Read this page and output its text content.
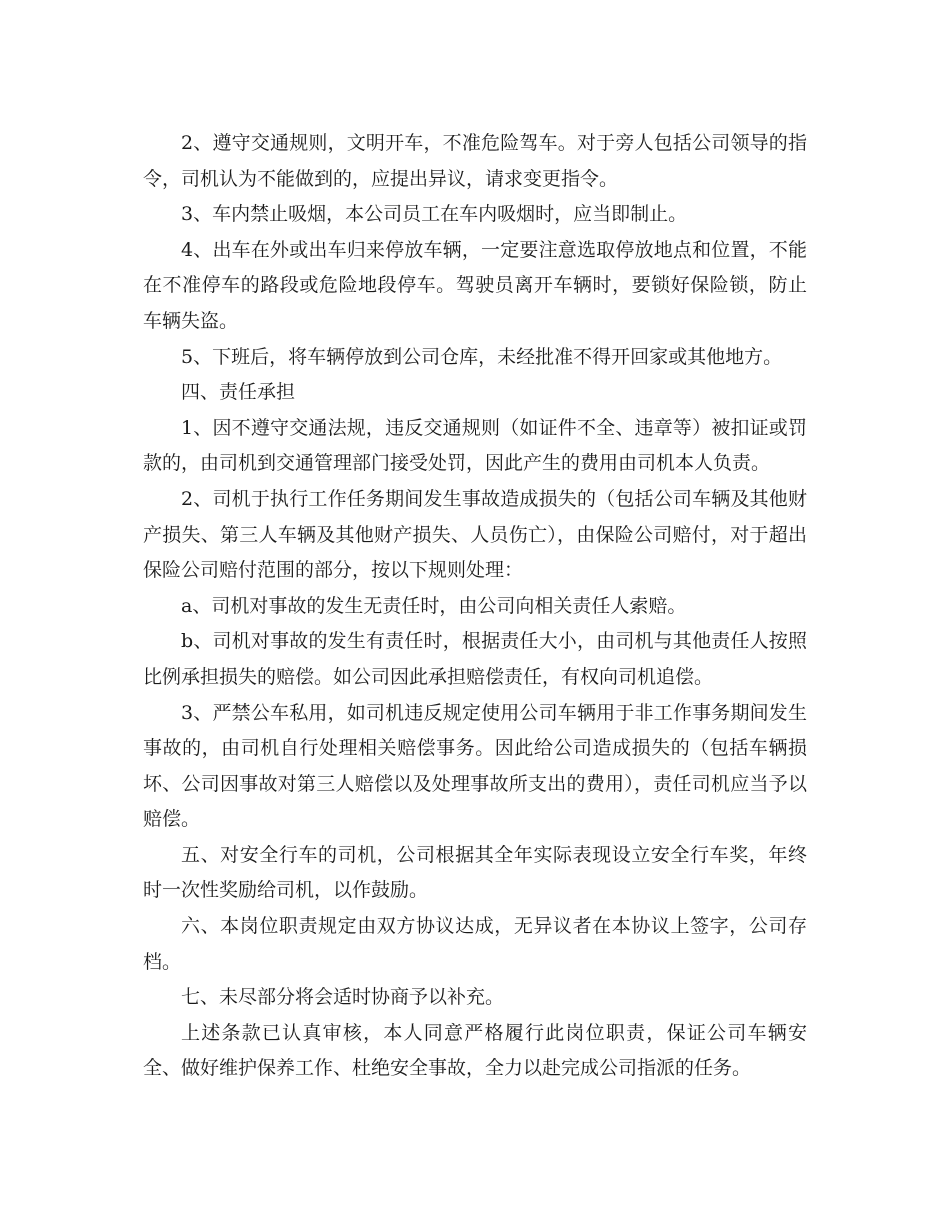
2、遵守交通规则，文明开车，不准危险驾车。对于旁人包括公司领导的指令，司机认为不能做到的，应提出异议，请求变更指令。

3、车内禁止吸烟，本公司员工在车内吸烟时，应当即制止。

4、出车在外或出车归来停放车辆，一定要注意选取停放地点和位置，不能在不准停车的路段或危险地段停车。驾驶员离开车辆时，要锁好保险锁，防止车辆失盗。

5、下班后，将车辆停放到公司仓库，未经批准不得开回家或其他地方。

四、责任承担

1、因不遵守交通法规，违反交通规则（如证件不全、违章等）被扣证或罚款的，由司机到交通管理部门接受处罚，因此产生的费用由司机本人负责。

2、司机于执行工作任务期间发生事故造成损失的（包括公司车辆及其他财产损失、第三人车辆及其他财产损失、人员伤亡），由保险公司赔付，对于超出保险公司赔付范围的部分，按以下规则处理：

a、司机对事故的发生无责任时，由公司向相关责任人索赔。

b、司机对事故的发生有责任时，根据责任大小，由司机与其他责任人按照比例承担损失的赔偿。如公司因此承担赔偿责任，有权向司机追偿。

3、严禁公车私用，如司机违反规定使用公司车辆用于非工作事务期间发生事故的，由司机自行处理相关赔偿事务。因此给公司造成损失的（包括车辆损坏、公司因事故对第三人赔偿以及处理事故所支出的费用），责任司机应当予以赔偿。

五、对安全行车的司机，公司根据其全年实际表现设立安全行车奖，年终时一次性奖励给司机，以作鼓励。

六、本岗位职责规定由双方协议达成，无异议者在本协议上签字，公司存档。

七、未尽部分将会适时协商予以补充。

上述条款已认真审核，本人同意严格履行此岗位职责，保证公司车辆安全、做好维护保养工作、杜绝安全事故，全力以赴完成公司指派的任务。
